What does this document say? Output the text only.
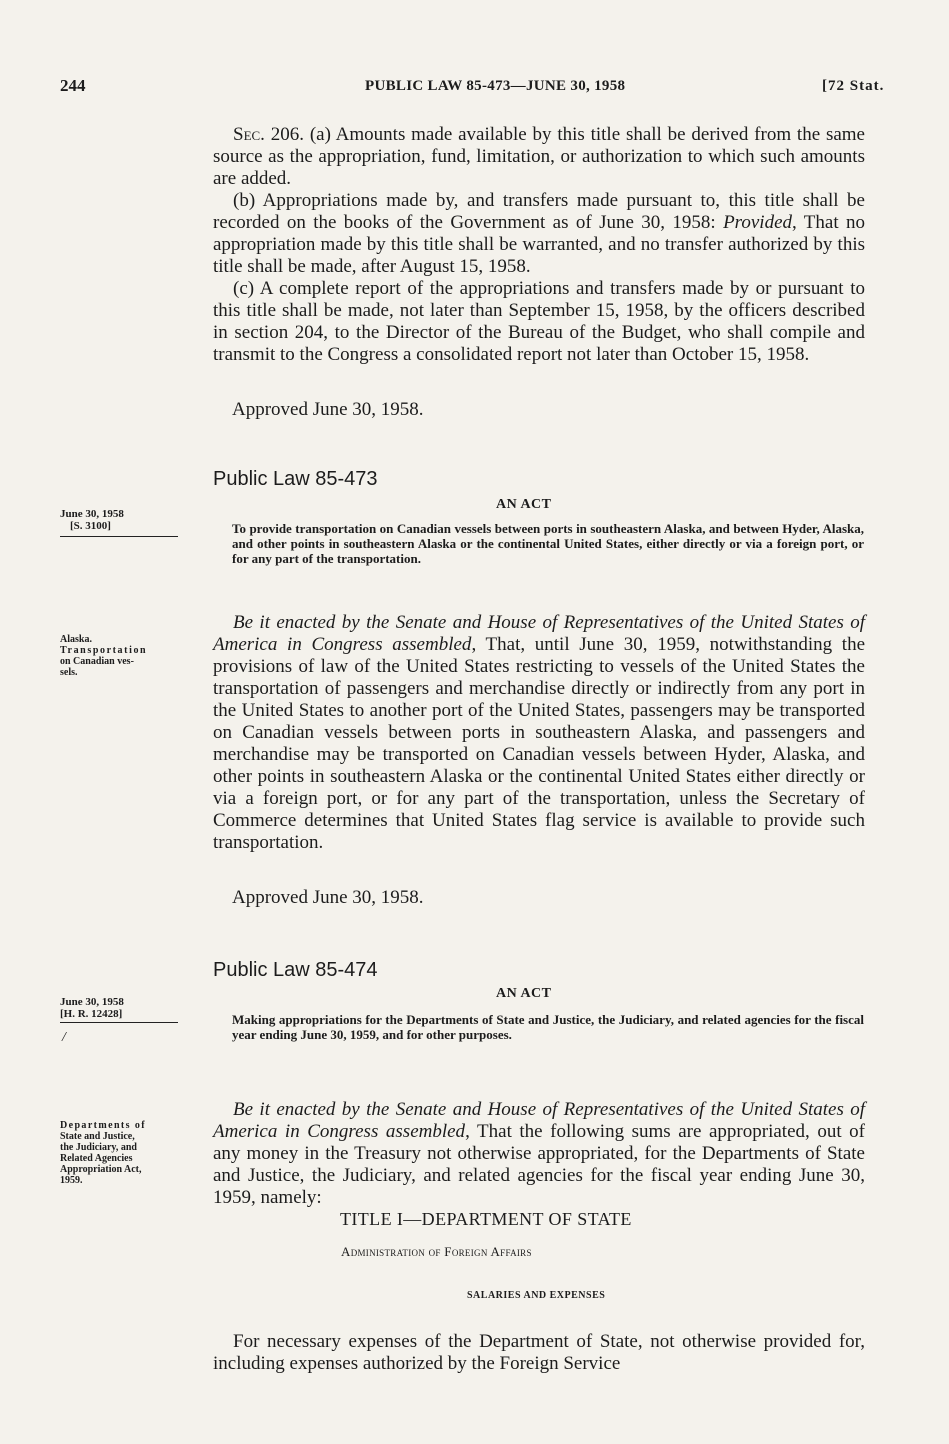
244	PUBLIC LAW 85-473—JUNE 30, 1958	[72 Stat.

Sec. 206. (a) Amounts made available by this title shall be derived from the same source as the appropriation, fund, limitation, or authorization to which such amounts are added.

(b) Appropriations made by, and transfers made pursuant to, this title shall be recorded on the books of the Government as of June 30, 1958: Provided, That no appropriation made by this title shall be warranted, and no transfer authorized by this title shall be made, after August 15, 1958.

(c) A complete report of the appropriations and transfers made by or pursuant to this title shall be made, not later than September 15, 1958, by the officers described in section 204, to the Director of the Bureau of the Budget, who shall compile and transmit to the Congress a consolidated report not later than October 15, 1958.

Approved June 30, 1958.
Public Law 85-473
AN ACT
June 30, 1958
[S. 3100]	To provide transportation on Canadian vessels between ports in southeastern Alaska, and between Hyder, Alaska, and other points in southeastern Alaska or the continental United States, either directly or via a foreign port, or for any part of the transportation.
Alaska.
Transportation
on Canadian ves-
sels.

Be it enacted by the Senate and House of Representatives of the United States of America in Congress assembled, That, until June 30, 1959, notwithstanding the provisions of law of the United States restricting to vessels of the United States the transportation of passengers and merchandise directly or indirectly from any port in the United States to another port of the United States, passengers may be transported on Canadian vessels between ports in southeastern Alaska, and passengers and merchandise may be transported on Canadian vessels between Hyder, Alaska, and other points in southeastern Alaska or the continental United States either directly or via a foreign port, or for any part of the transportation, unless the Secretary of Commerce determines that United States flag service is available to provide such transportation.

Approved June 30, 1958.
Public Law 85-474
AN ACT
June 30, 1958
[H. R. 12428]
/
Making appropriations for the Departments of State and Justice, the Judiciary, and related agencies for the fiscal year ending June 30, 1959, and for other purposes.
Departments of
State and Justice,
the Judiciary, and
Related Agencies
Appropriation Act,
1959.

Be it enacted by the Senate and House of Representatives of the United States of America in Congress assembled, That the following sums are appropriated, out of any money in the Treasury not otherwise appropriated, for the Departments of State and Justice, the Judiciary, and related agencies for the fiscal year ending June 30, 1959, namely:

TITLE I—DEPARTMENT OF STATE
Administration of Foreign Affairs
SALARIES AND EXPENSES

For necessary expenses of the Department of State, not otherwise provided for, including expenses authorized by the Foreign Service
